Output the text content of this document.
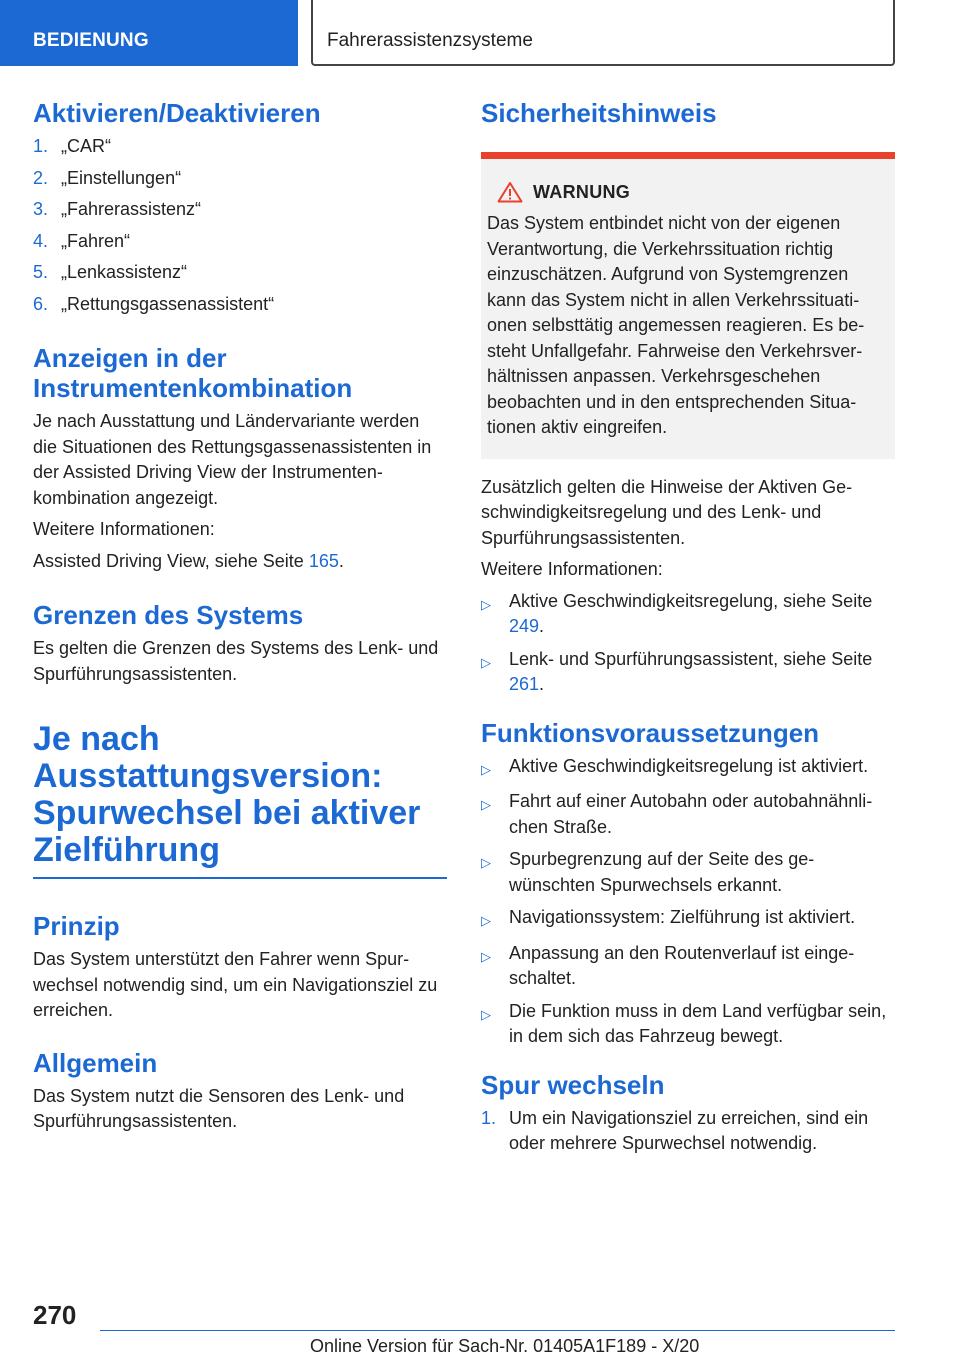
BEDIENUNG	Fahrerassistenzsysteme
Aktivieren/Deaktivieren
1. „CAR“
2. „Einstellungen“
3. „Fahrerassistenz“
4. „Fahren“
5. „Lenkassistenz“
6. „Rettungsgassenassistent“
Anzeigen in der Instrumentenkombination

Je nach Ausstattung und Ländervariante werden die Situationen des Rettungsgassenassistenten in der Assisted Driving View der Instrumenten-kombination angezeigt.

Weitere Informationen:

Assisted Driving View, siehe Seite 165.

Grenzen des Systems

Es gelten die Grenzen des Systems des Lenk- und Spurführungsassistenten.

Je nach Ausstattungsversion: Spurwechsel bei aktiver Zielführung
Prinzip

Das System unterstützt den Fahrer wenn Spur-wechsel notwendig sind, um ein Navigationsziel zu erreichen.

Allgemein

Das System nutzt die Sensoren des Lenk- und Spurführungsassistenten.

Sicherheitshinweis
WARNUNG
Das System entbindet nicht von der eigenen Verantwortung, die Verkehrssituation richtig einzuschätzen. Aufgrund von Systemgrenzen kann das System nicht in allen Verkehrssituati-onen selbsttätig angemessen reagieren. Es be-steht Unfallgefahr. Fahrweise den Verkehrsver-hältnissen anpassen. Verkehrsgeschehen beobachten und in den entsprechenden Situa-tionen aktiv eingreifen.

Zusätzlich gelten die Hinweise der Aktiven Ge-schwindigkeitsregelung und des Lenk- und Spurführungsassistenten.

Weitere Informationen:

▷	Aktive Geschwindigkeitsregelung, siehe Seite 249.
▷	Lenk- und Spurführungsassistent, siehe Seite 261.
Funktionsvoraussetzungen
▷	Aktive Geschwindigkeitsregelung ist aktiviert.
▷	Fahrt auf einer Autobahn oder autobahnähnli-chen Straße.
▷	Spurbegrenzung auf der Seite des ge-wünschten Spurwechsels erkannt.
▷	Navigationssystem: Zielführung ist aktiviert.
▷	Anpassung an den Routenverlauf ist einge-schaltet.
▷	Die Funktion muss in dem Land verfügbar sein, in dem sich das Fahrzeug bewegt.
Spur wechseln
1. Um ein Navigationsziel zu erreichen, sind ein oder mehrere Spurwechsel notwendig.
270
Online Version für Sach-Nr. 01405A1F189 - X/20
